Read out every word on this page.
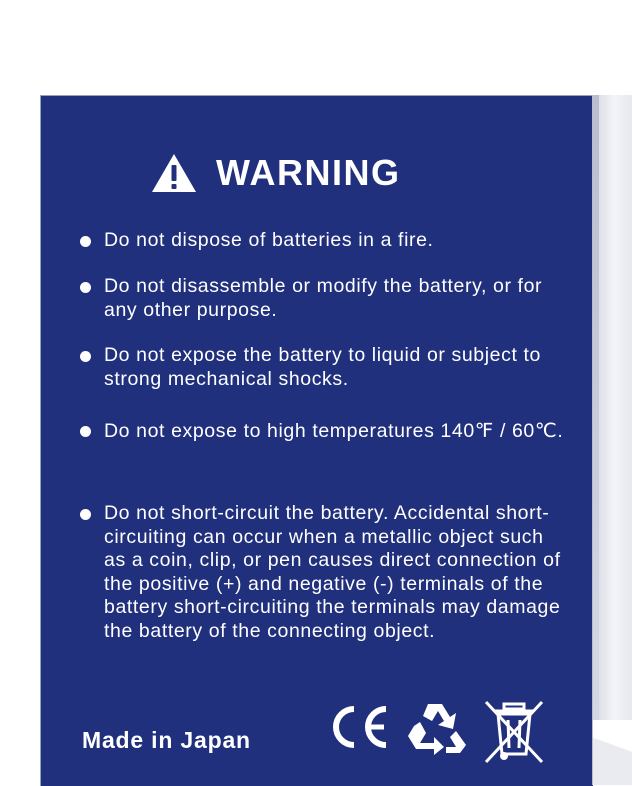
WARNING
Do not dispose of batteries in a fire.
Do not disassemble or modify the battery, or for any other purpose.
Do not expose the battery to liquid or subject to strong mechanical shocks.
Do not expose to high temperatures 140℉ / 60℃.
Do not short-circuit the battery. Accidental short-circuiting can occur when a metallic object such as a coin, clip, or pen causes direct connection of the positive (+) and negative (-) terminals of the battery short-circuiting the terminals may damage the battery of the connecting object.
Made in Japan
